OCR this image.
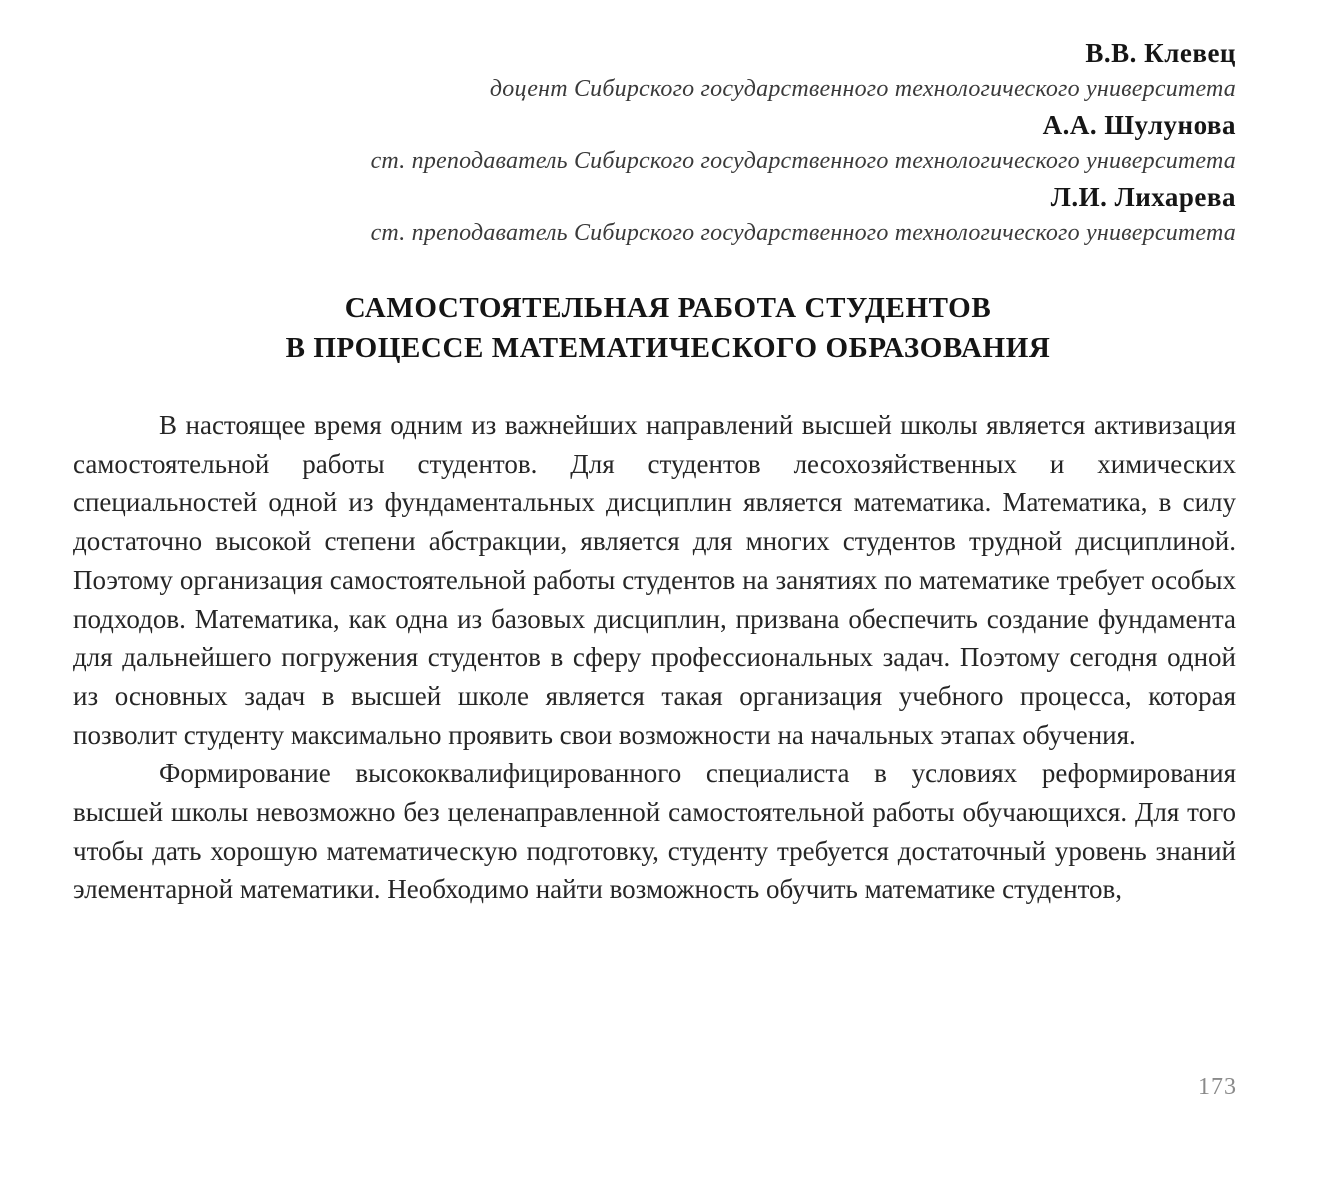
В.В. Клевец
доцент Сибирского государственного технологического университета
А.А. Шулунова
ст. преподаватель Сибирского государственного технологического университета
Л.И. Лихарева
ст. преподаватель Сибирского государственного технологического университета
САМОСТОЯТЕЛЬНАЯ РАБОТА СТУДЕНТОВ
В ПРОЦЕССЕ МАТЕМАТИЧЕСКОГО ОБРАЗОВАНИЯ

В настоящее время одним из важнейших направлений высшей школы является активизация самостоятельной работы студентов. Для студентов лесохозяйственных и химических специальностей одной из фундаментальных дисциплин является математика. Математика, в силу достаточно высокой степени абстракции, является для многих студентов трудной дисциплиной. Поэтому организация самостоятельной работы студентов на занятиях по математике требует особых подходов. Математика, как одна из базовых дисциплин, призвана обеспечить создание фундамента для дальнейшего погружения студентов в сферу профессиональных задач. Поэтому сегодня одной из основных задач в высшей школе является такая организация учебного процесса, которая позволит студенту максимально проявить свои возможности на начальных этапах обучения.

Формирование высококвалифицированного специалиста в условиях реформирования высшей школы невозможно без целенаправленной самостоятельной работы обучающихся. Для того чтобы дать хорошую математическую подготовку, студенту требуется достаточный уровень знаний элементарной математики. Необходимо найти возможность обучить математике студентов,

173
